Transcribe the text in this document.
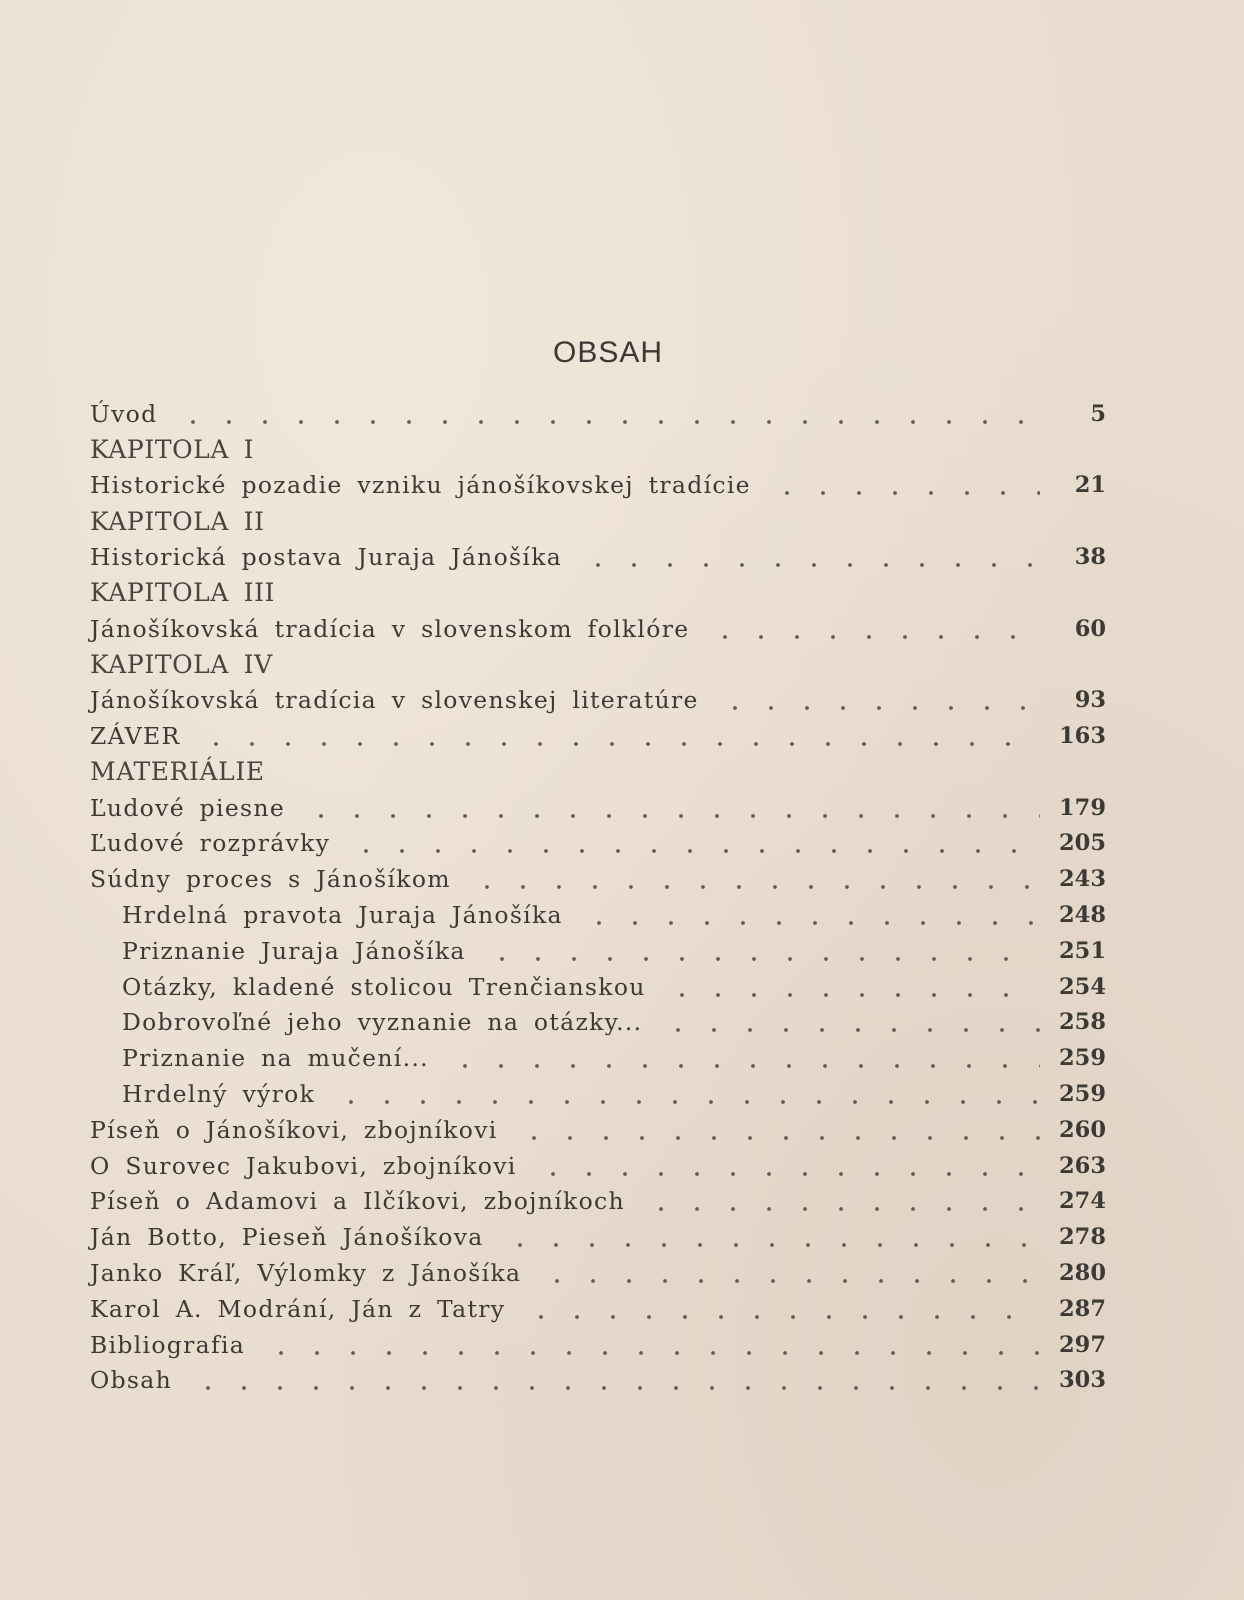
OBSAH
Úvod	5
KAPITOLA I
Historické pozadie vzniku jánošíkovskej tradície	21
KAPITOLA II
Historická postava Juraja Jánošíka	38
KAPITOLA III
Jánošíkovská tradícia v slovenskom folklóre	60
KAPITOLA IV
Jánošíkovská tradícia v slovenskej literatúre	93
ZÁVER	163
MATERIÁLIE
Ľudové piesne	179
Ľudové rozprávky	205
Súdny proces s Jánošíkom	243
Hrdelná pravota Juraja Jánošíka	248
Priznanie Juraja Jánošíka	251
Otázky, kladené stolicou Trenčianskou	254
Dobrovoľné jeho vyznanie na otázky...	258
Priznanie na mučení...	259
Hrdelný výrok	259
Píseň o Jánošíkovi, zbojníkovi	260
O Surovec Jakubovi, zbojníkovi	263
Píseň o Adamovi a Ilčíkovi, zbojníkoch	274
Ján Botto, Pieseň Jánošíkova	278
Janko Kráľ, Výlomky z Jánošíka	280
Karol A. Modrání, Ján z Tatry	287
Bibliografia	297
Obsah	303
